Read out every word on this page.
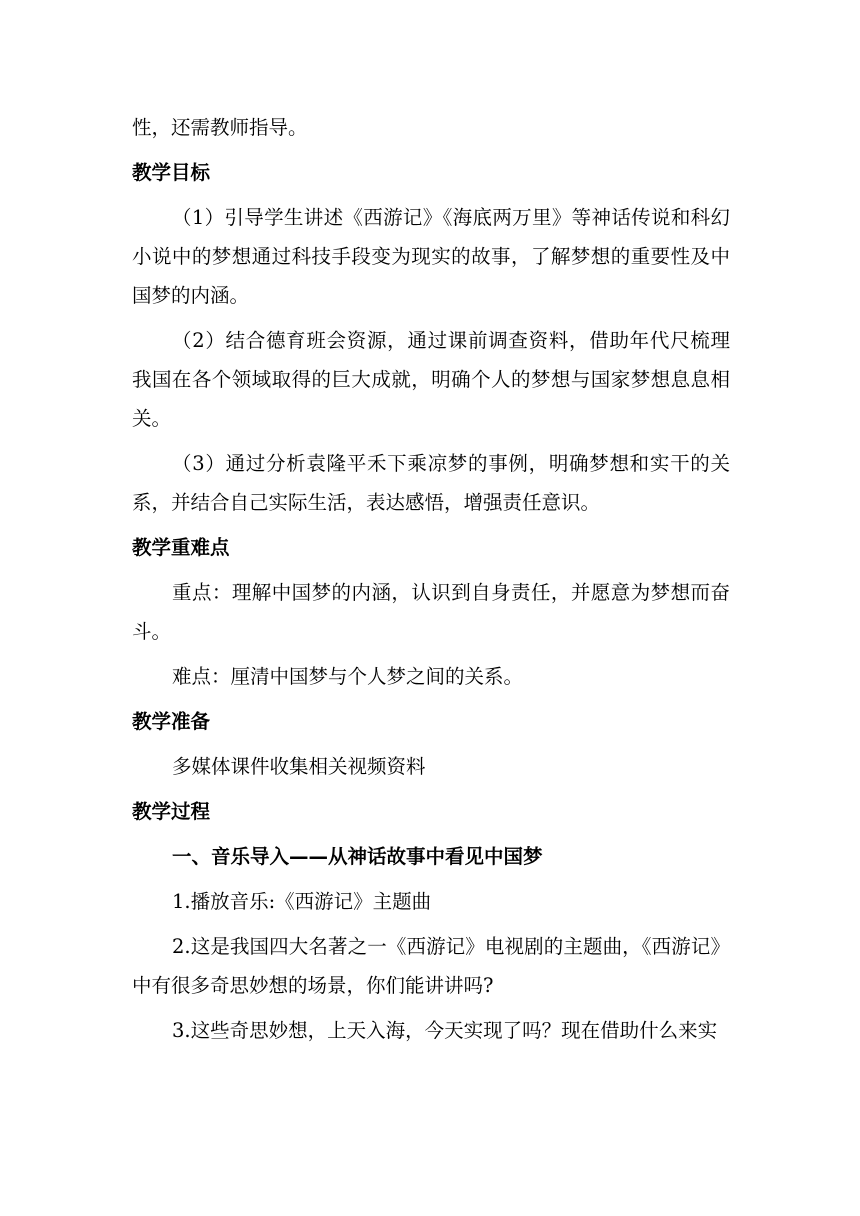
性，还需教师指导。

教学目标

（1）引导学生讲述《西游记》《海底两万里》等神话传说和科幻小说中的梦想通过科技手段变为现实的故事，了解梦想的重要性及中国梦的内涵。

（2）结合德育班会资源，通过课前调查资料，借助年代尺梳理我国在各个领域取得的巨大成就，明确个人的梦想与国家梦想息息相关。

（3）通过分析袁隆平禾下乘凉梦的事例，明确梦想和实干的关系，并结合自己实际生活，表达感悟，增强责任意识。

教学重难点

重点：理解中国梦的内涵，认识到自身责任，并愿意为梦想而奋斗。

难点：厘清中国梦与个人梦之间的关系。

教学准备

多媒体课件收集相关视频资料

教学过程

一、音乐导入——从神话故事中看见中国梦

1.播放音乐:《西游记》主题曲

2.这是我国四大名著之一《西游记》电视剧的主题曲，《西游记》中有很多奇思妙想的场景，你们能讲讲吗?

3.这些奇思妙想，上天入海，今天实现了吗？现在借助什么来实
